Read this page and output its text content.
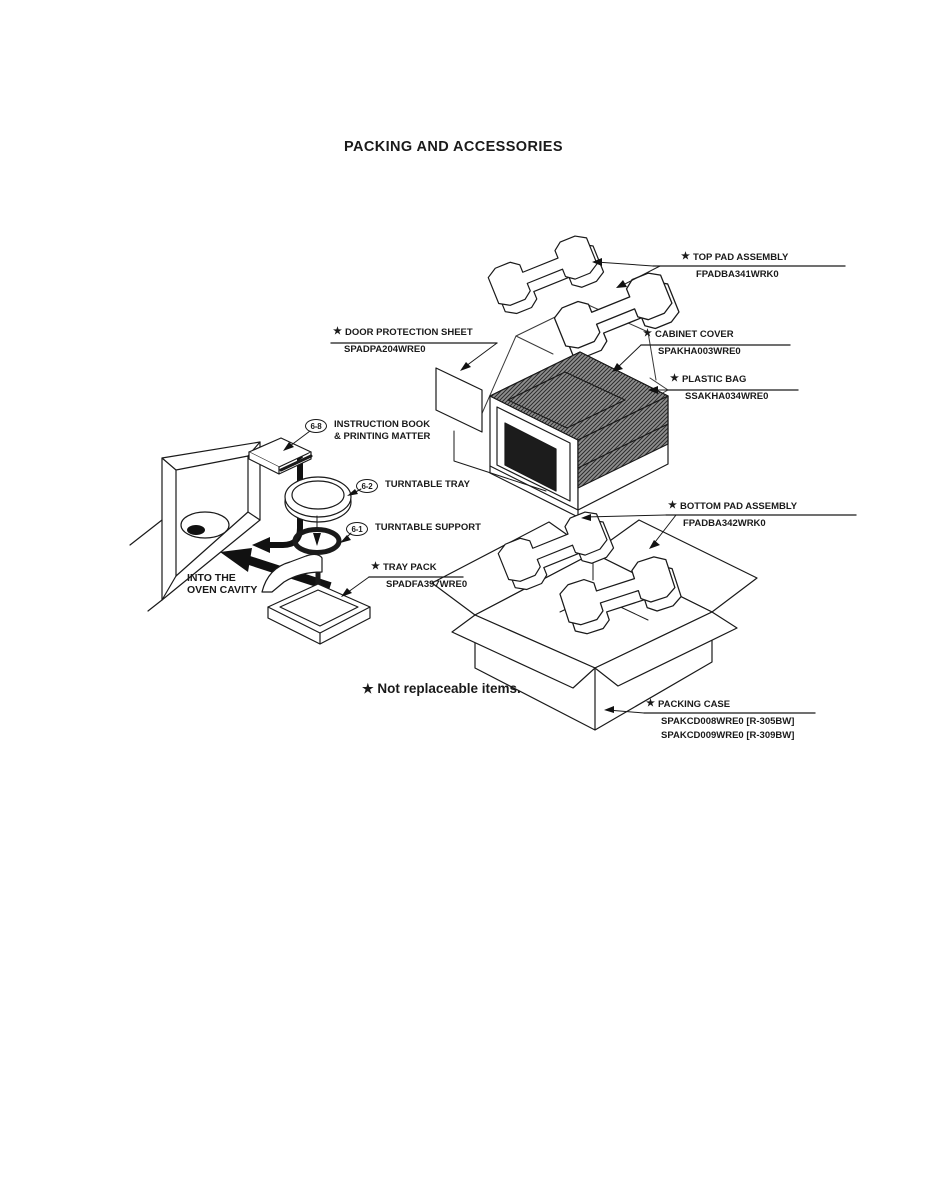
PACKING AND ACCESSORIES
★ TOP PAD ASSEMBLY
FPADBA341WRK0
★ DOOR PROTECTION SHEET
SPADPA204WRE0
★ CABINET COVER
SPAKHA003WRE0
★ PLASTIC BAG
SSAKHA034WRE0
6-8	INSTRUCTION BOOK
& PRINTING MATTER
6-2	TURNTABLE TRAY
6-1	TURNTABLE SUPPORT
★ TRAY PACK
SPADFA397WRE0
INTO THE
OVEN CAVITY
★ BOTTOM PAD ASSEMBLY
FPADBA342WRK0
★ Not replaceable items.
★ PACKING CASE
SPAKCD008WRE0 [R-305BW]
SPAKCD009WRE0 [R-309BW]
